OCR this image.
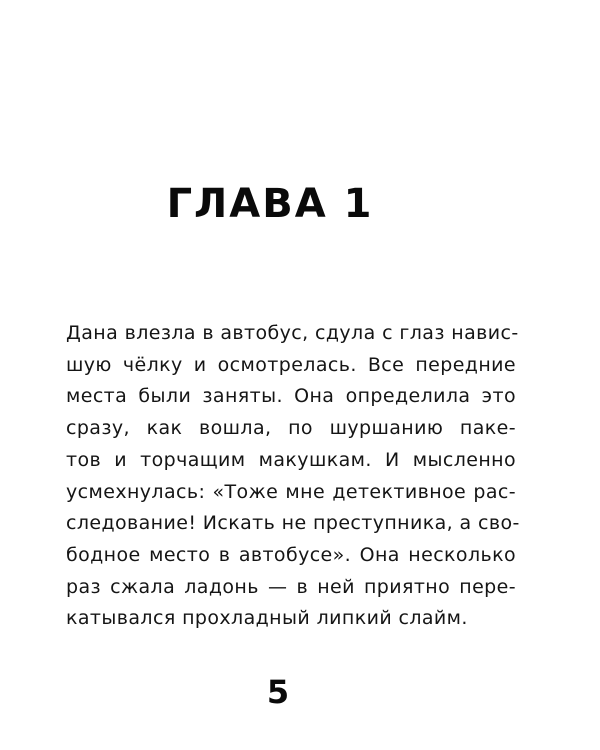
ГЛАВА 1
Дана влезла в автобус, сдула с глаз навис-
шую чёлку и осмотрелась. Все передние
места были заняты. Она определила это
сразу, как вошла, по шуршанию паке-
тов и торчащим макушкам. И мысленно
усмехнулась: «Тоже мне детективное рас-
следование! Искать не преступника, а сво-
бодное место в автобусе». Она несколько
раз сжала ладонь — в ней приятно пере-
катывался прохладный липкий слайм.
5
